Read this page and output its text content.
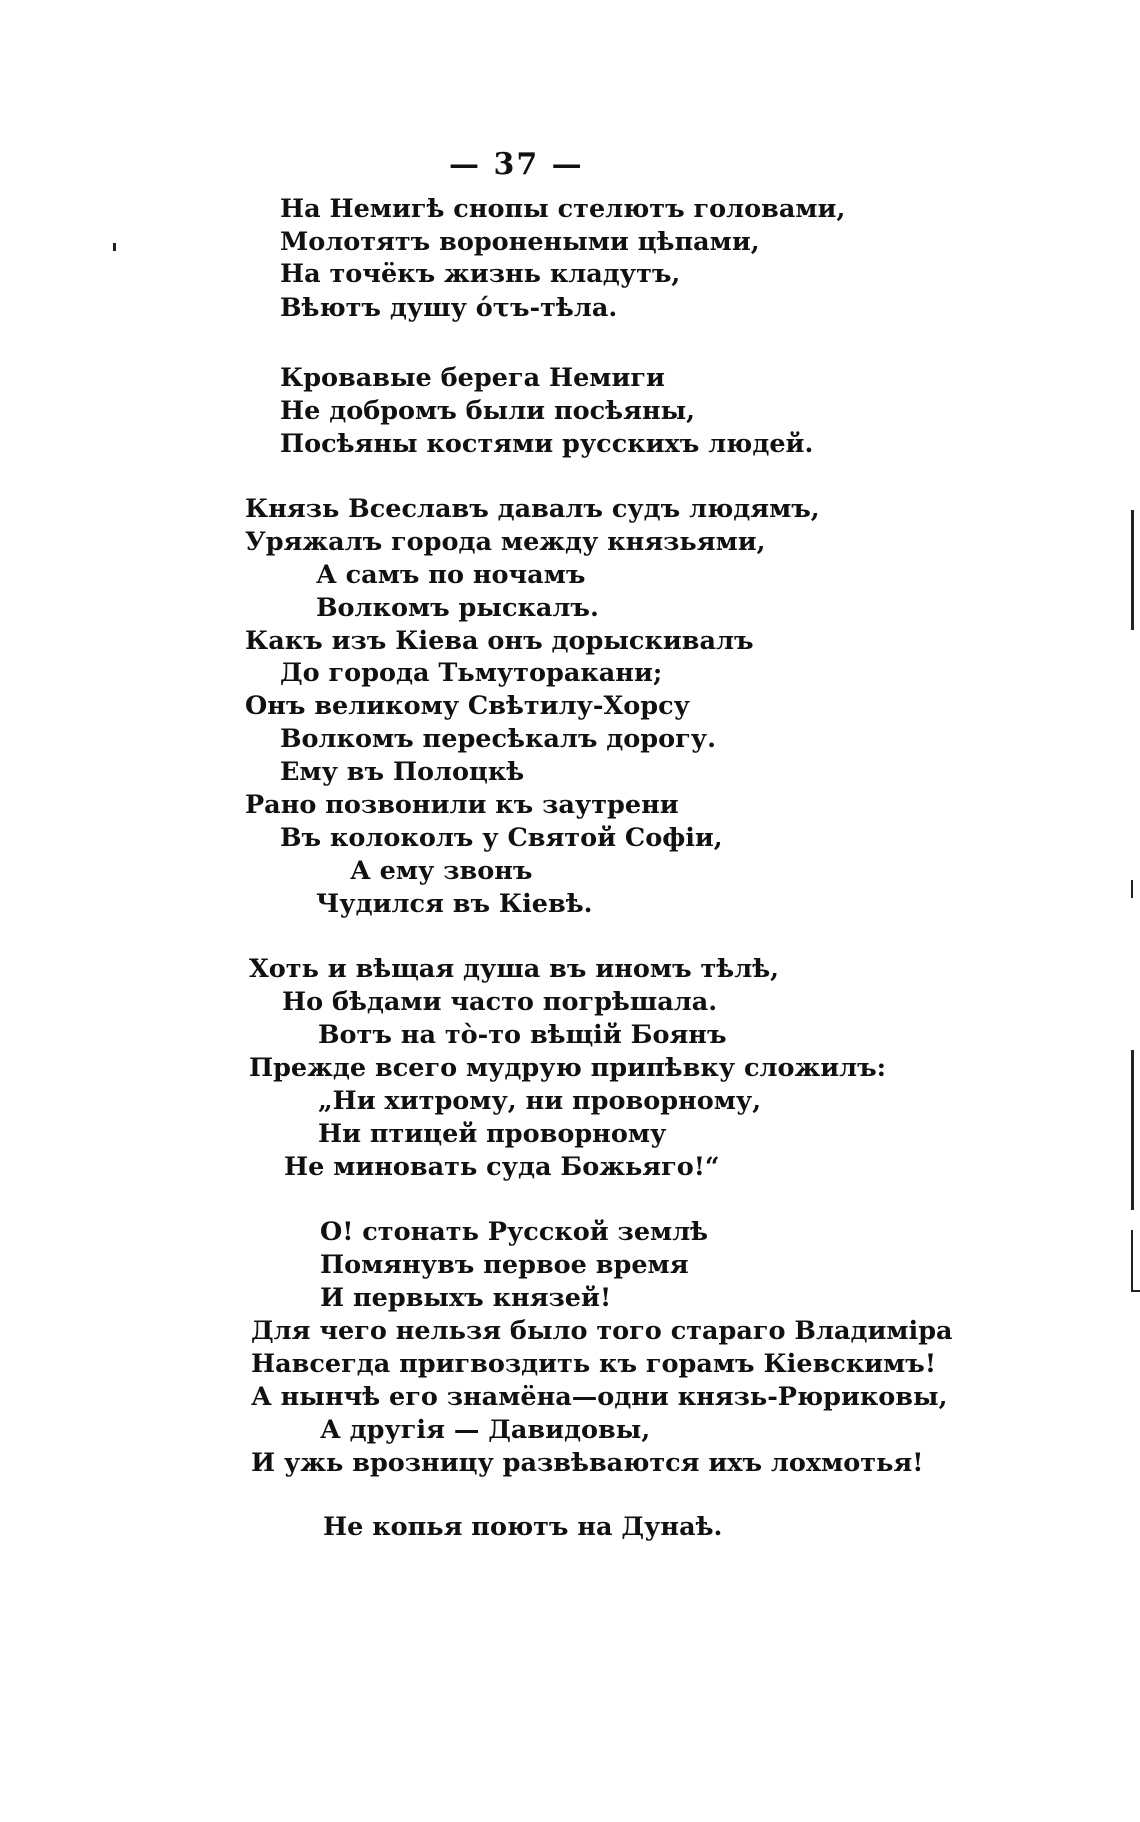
— 37 —
На Немигѣ снопы стелютъ головами,
Молотятъ воронеными цѣпами,
На точёкъ жизнь кладутъ,
Вѣютъ душу ότъ-тѣла.
Кровавые берега Немиги
Не добромъ были посѣяны,
Посѣяны костями русскихъ людей.
Князь Всеславъ давалъ судъ людямъ,
Уряжалъ города между князьями,
А самъ по ночамъ
Волкомъ рыскалъ.
Какъ изъ Кіева онъ дорыскивалъ
До города Тьмуторакани;
Онъ великому Свѣтилу-Хорсу
Волкомъ пересѣкалъ дорогу.
Ему въ Полоцкѣ
Рано позвонили къ заутрени
Въ колоколъ у Святой Софіи,
А ему звонъ
Чудился въ Кіевѣ.
Хоть и вѣщая душа въ иномъ тѣлѣ,
Но бѣдами часто погрѣшала.
Вотъ на тò-то вѣщій Боянъ
Прежде всего мудрую припѣвку сложилъ:
„Ни хитрому, ни проворному,
Ни птицей проворному
Не миновать суда Божьяго!“
О! стонать Русской землѣ
Помянувъ первое время
И первыхъ князей!
Для чего нельзя было того стараго Владиміра
Навсегда пригвоздить къ горамъ Кіевскимъ!
А нынчѣ его знамёна—одни князь-Рюриковы,
А другія — Давидовы,
И ужь врозницу развѣваются ихъ лохмотья!
Не копья поютъ на Дунаѣ.
